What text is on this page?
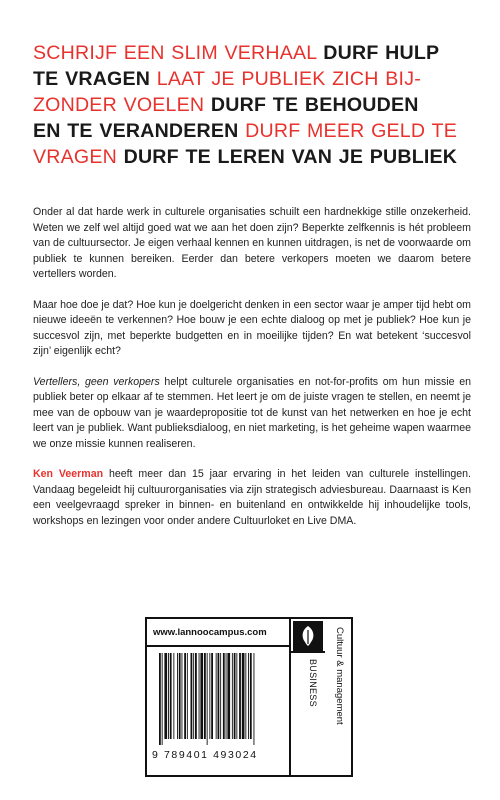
SCHRIJF EEN SLIM VERHAAL DURF HULP
TE VRAGEN LAAT JE PUBLIEK ZICH BIJ-
ZONDER VOELEN DURF TE BEHOUDEN
EN TE VERANDEREN DURF MEER GELD TE
VRAGEN DURF TE LEREN VAN JE PUBLIEK

Onder al dat harde werk in culturele organisaties schuilt een hardnekkige stille onzekerheid. Weten we zelf wel altijd goed wat we aan het doen zijn? Beperkte zelfkennis is hét probleem van de cultuursector. Je eigen verhaal kennen en kunnen uitdragen, is net de voorwaarde om publiek te kunnen bereiken. Eerder dan betere verkopers moeten we daarom betere vertellers worden.

Maar hoe doe je dat? Hoe kun je doelgericht denken in een sector waar je amper tijd hebt om nieuwe ideeën te verkennen? Hoe bouw je een echte dialoog op met je publiek? Hoe kun je succesvol zijn, met beperkte budgetten en in moeilijke tijden? En wat betekent ‘succesvol zijn’ eigenlijk echt?

Vertellers, geen verkopers helpt culturele organisaties en not-for-profits om hun missie en publiek beter op elkaar af te stemmen. Het leert je om de juiste vragen te stellen, en neemt je mee van de opbouw van je waardepropositie tot de kunst van het netwerken en hoe je echt leert van je publiek. Want publieksdialoog, en niet marketing, is het geheime wapen waarmee we onze missie kunnen realiseren.

Ken Veerman heeft meer dan 15 jaar ervaring in het leiden van culturele instellingen. Vandaag begeleidt hij cultuurorganisaties via zijn strategisch adviesbureau. Daarnaast is Ken een veelgevraagd spreker in binnen- en buitenland en ontwikkelde hij inhoudelijke tools, workshops en lezingen voor onder andere Cultuurloket en Live DMA.

www.lannoocampus.com
BUSINESS	Cultuur & management
9 789401 493024
